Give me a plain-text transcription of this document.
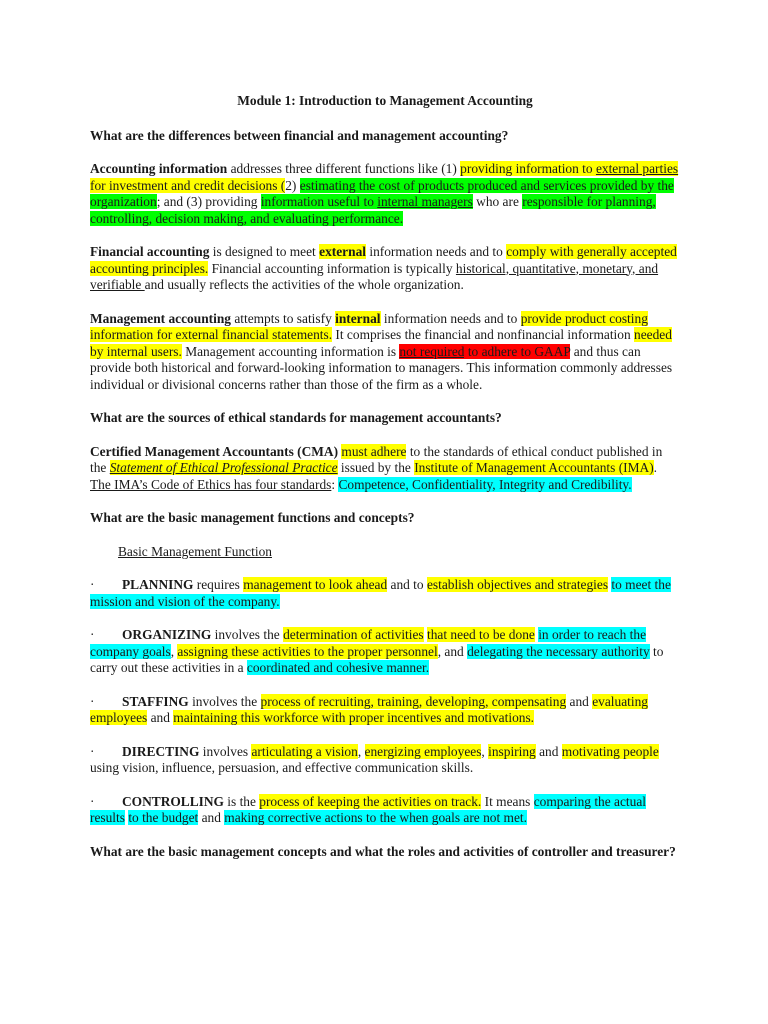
Module 1: Introduction to Management Accounting
What are the differences between financial and management accounting?
Accounting information addresses three different functions like (1) providing information to external parties for investment and credit decisions (2) estimating the cost of products produced and services provided by the organization; and (3) providing information useful to internal managers who are responsible for planning, controlling, decision making, and evaluating performance.
Financial accounting is designed to meet external information needs and to comply with generally accepted accounting principles. Financial accounting information is typically historical, quantitative, monetary, and verifiable and usually reflects the activities of the whole organization.
Management accounting attempts to satisfy internal information needs and to provide product costing information for external financial statements. It comprises the financial and nonfinancial information needed by internal users. Management accounting information is not required to adhere to GAAP and thus can provide both historical and forward-looking information to managers. This information commonly addresses individual or divisional concerns rather than those of the firm as a whole.
What are the sources of ethical standards for management accountants?
Certified Management Accountants (CMA) must adhere to the standards of ethical conduct published in the Statement of Ethical Professional Practice issued by the Institute of Management Accountants (IMA). The IMA’s Code of Ethics has four standards: Competence, Confidentiality, Integrity and Credibility.
What are the basic management functions and concepts?
Basic Management Function
· PLANNING requires management to look ahead and to establish objectives and strategies to meet the mission and vision of the company.
· ORGANIZING involves the determination of activities that need to be done in order to reach the company goals, assigning these activities to the proper personnel, and delegating the necessary authority to carry out these activities in a coordinated and cohesive manner.
· STAFFING involves the process of recruiting, training, developing, compensating and evaluating employees and maintaining this workforce with proper incentives and motivations.
· DIRECTING involves articulating a vision, energizing employees, inspiring and motivating people using vision, influence, persuasion, and effective communication skills.
· CONTROLLING is the process of keeping the activities on track. It means comparing the actual results to the budget and making corrective actions to the when goals are not met.
What are the basic management concepts and what the roles and activities of controller and treasurer?
